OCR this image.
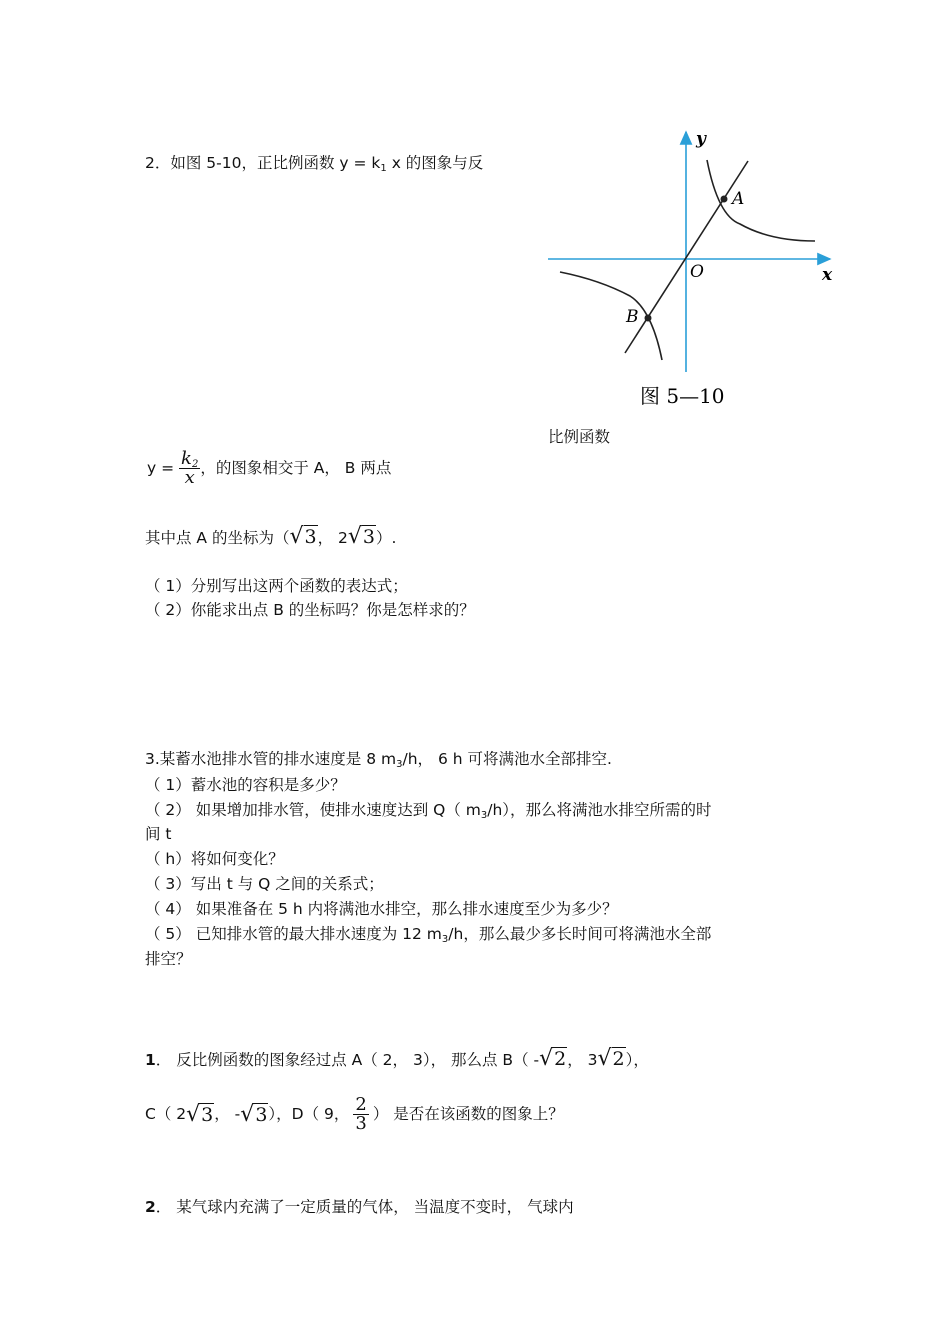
2．如图 5-10，正比例函数 y = k1 x 的图象与反
y
x
O
A
B
图 5—10
比例函数
$y = \frac{k2}{x}$ ，的图象相交于 A， B 两点
其中点 A 的坐标为（√3， 2√3）.
（ 1）分别写出这两个函数的表达式；
（ 2）你能求出点 B 的坐标吗？你是怎样求的？
3.某蓄水池排水管的排水速度是 8 m3/h， 6 h 可将满池水全部排空.
（ 1）蓄水池的容积是多少？
（ 2） 如果增加排水管，使排水速度达到 Q（ m3/h），那么将满池水排空所需的时
间 t
（ h）将如何变化？
（ 3）写出 t 与 Q 之间的关系式；
（ 4） 如果准备在 5 h 内将满池水排空，那么排水速度至少为多少？
（ 5） 已知排水管的最大排水速度为 12 m3/h，那么最少多长时间可将满池水全部
排空？
1． 反比例函数的图象经过点 A（ 2， 3）， 那么点 B（ -√2， 3√2），
C（ 2√3， -√3），D（ 9， $\frac{2}{3}$ ） 是否在该函数的图象上？
2． 某气球内充满了一定质量的气体， 当温度不变时， 气球内
